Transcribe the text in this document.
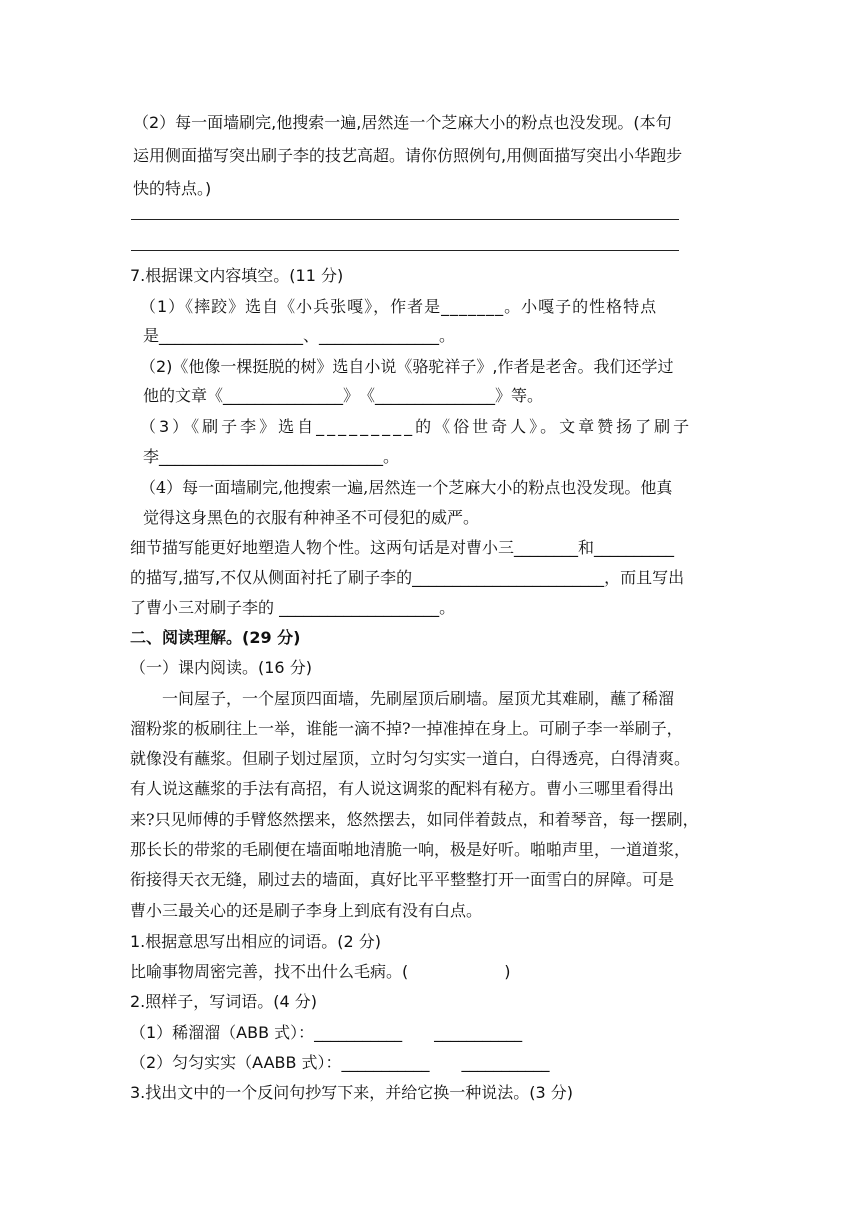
（2）每一面墙刷完,他搜索一遍,居然连一个芝麻大小的粉点也没发现。(本句
运用侧面描写突出刷子李的技艺高超。请你仿照例句,用侧面描写突出小华跑步
快的特点。)
7.根据课文内容填空。(11 分)
（1）《摔跤》选自《小兵张嘎》，作者是_______。小嘎子的性格特点
是__________________、_______________。
（2)《他像一棵挺脱的树》选自小说《骆驼祥子》,作者是老舍。我们还学过
他的文章《_______________》　《_______________》等。
（3）《刷子李》选自_________的《俗世奇人》。文章赞扬了刷子
李____________________________。
（4）每一面墙刷完,他搜索一遍,居然连一个芝麻大小的粉点也没发现。他真
觉得这身黑色的衣服有种神圣不可侵犯的威严。
细节描写能更好地塑造人物个性。这两句话是对曹小三________和__________
的描写,描写,不仅从侧面衬托了刷子李的________________________，而且写出
了曹小三对刷子李的 ____________________。
二、阅读理解。(29 分)
（一）课内阅读。(16 分)
　　一间屋子，一个屋顶四面墙，先刷屋顶后刷墙。屋顶尤其难刷，蘸了稀溜
溜粉浆的板刷往上一举，谁能一滴不掉?一掉准掉在身上。可刷子李一举刷子，
就像没有蘸浆。但刷子划过屋顶，立时匀匀实实一道白，白得透亮，白得清爽。
有人说这蘸浆的手法有高招，有人说这调浆的配料有秘方。曹小三哪里看得出
来?只见师傅的手臂悠然摆来，悠然摆去，如同伴着鼓点，和着琴音，每一摆刷，
那长长的带浆的毛刷便在墙面啪地清脆一响，极是好听。啪啪声里，一道道浆，
衔接得天衣无缝，刷过去的墙面，真好比平平整整打开一面雪白的屏障。可是
曹小三最关心的还是刷子李身上到底有没有白点。
1.根据意思写出相应的词语。(2 分)
比喻事物周密完善，找不出什么毛病。(　　　　　　)
2.照样子，写词语。(4 分)
（1）稀溜溜（ABB 式）：___________　　___________
（2）匀匀实实（AABB 式）：___________　　___________
3.找出文中的一个反问句抄写下来，并给它换一种说法。(3 分)
